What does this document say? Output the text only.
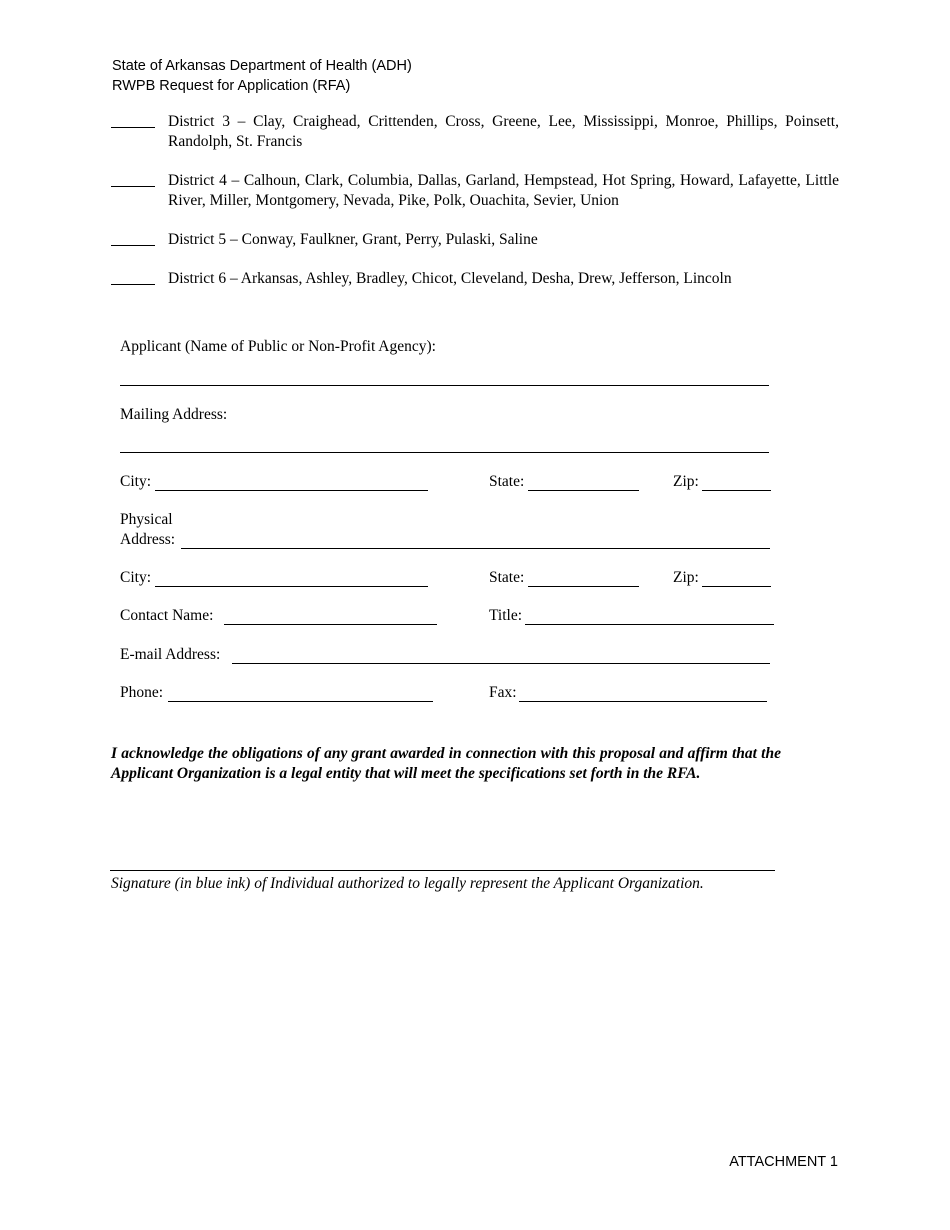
State of Arkansas Department of Health (ADH)
RWPB Request for Application (RFA)
District 3 – Clay, Craighead, Crittenden, Cross, Greene, Lee, Mississippi, Monroe, Phillips, Poinsett, Randolph, St. Francis
District 4 – Calhoun, Clark, Columbia, Dallas, Garland, Hempstead, Hot Spring, Howard, Lafayette, Little River, Miller, Montgomery, Nevada, Pike, Polk, Ouachita, Sevier, Union
District 5 – Conway, Faulkner, Grant, Perry, Pulaski, Saline
District 6 – Arkansas, Ashley, Bradley, Chicot, Cleveland, Desha, Drew, Jefferson, Lincoln
Applicant (Name of Public or Non-Profit Agency):
Mailing Address:
City:	State:	Zip:
Physical
Address:
City:	State:	Zip:
Contact Name:	Title:
E-mail Address:
Phone:	Fax:
I acknowledge the obligations of any grant awarded in connection with this proposal and affirm that the Applicant Organization is a legal entity that will meet the specifications set forth in the RFA.
Signature (in blue ink) of Individual authorized to legally represent the Applicant Organization.
ATTACHMENT 1
